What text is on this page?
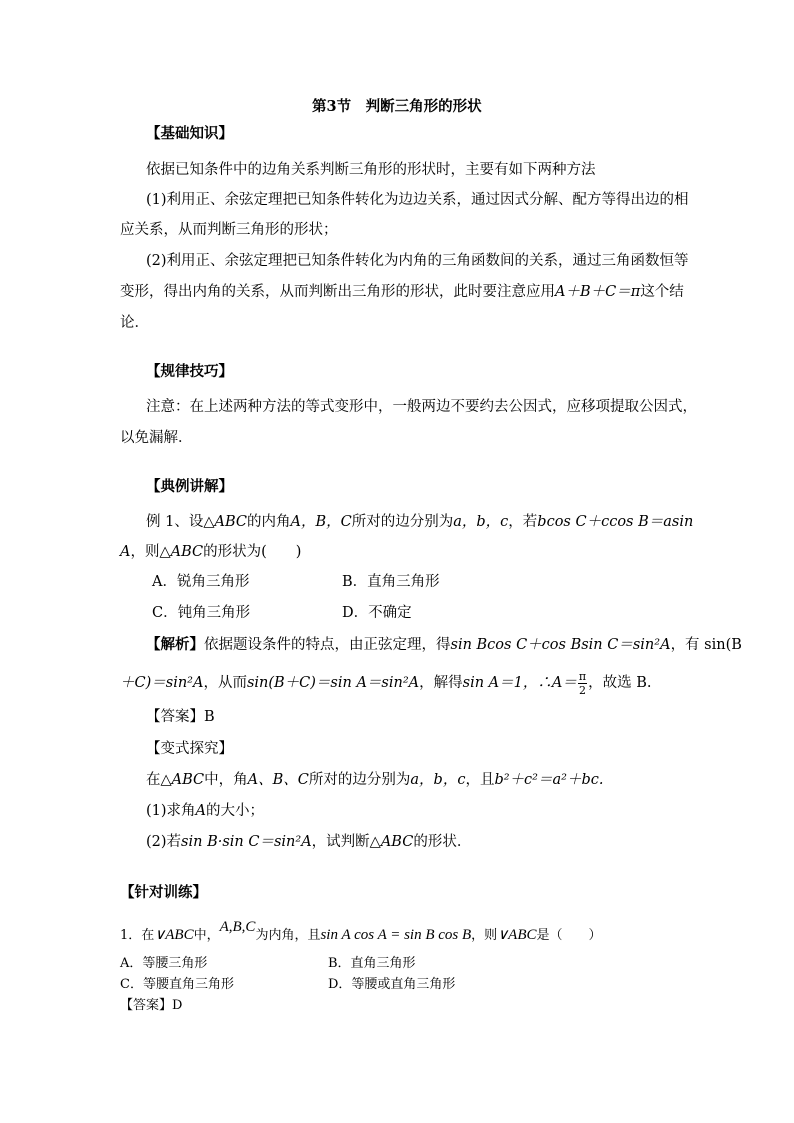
第3节　判断三角形的形状
【基础知识】
依据已知条件中的边角关系判断三角形的形状时，主要有如下两种方法
(1)利用正、余弦定理把已知条件转化为边边关系，通过因式分解、配方等得出边的相
应关系，从而判断三角形的形状；
(2)利用正、余弦定理把已知条件转化为内角的三角函数间的关系，通过三角函数恒等
变形，得出内角的关系，从而判断出三角形的形状，此时要注意应用A＋B＋C＝π这个结
论．
【规律技巧】
注意：在上述两种方法的等式变形中，一般两边不要约去公因式，应移项提取公因式，
以免漏解．
【典例讲解】
例 1、设△ABC的内角A，B，C所对的边分别为a，b，c，若bcos C＋ccos B＝asin
A，则△ABC的形状为(　　)
A．锐角三角形	B．直角三角形
C．钝角三角形	D．不确定
【解析】依据题设条件的特点，由正弦定理，得sin Bcos C＋cos Bsin C＝sin²A，有 sin(B
＋C)＝sin²A，从而sin(B＋C)＝sin A＝sin²A，解得sin A＝1，∴A＝ $\frac{\pi}{2}$ ，故选 B.
【答案】B
【变式探究】
在△ABC中，角A、B、C所对的边分别为a，b，c，且b²＋c²＝a²＋bc.
(1)求角A的大小；
(2)若sin B·sin C＝sin²A，试判断△ABC的形状．
【针对训练】
1．在∨ABC中，A,B,C为内角，且sin A cos A = sin B cos B，则∨ABC是（　　）
A．等腰三角形	B．直角三角形
C．等腰直角三角形	D．等腰或直角三角形
【答案】D
